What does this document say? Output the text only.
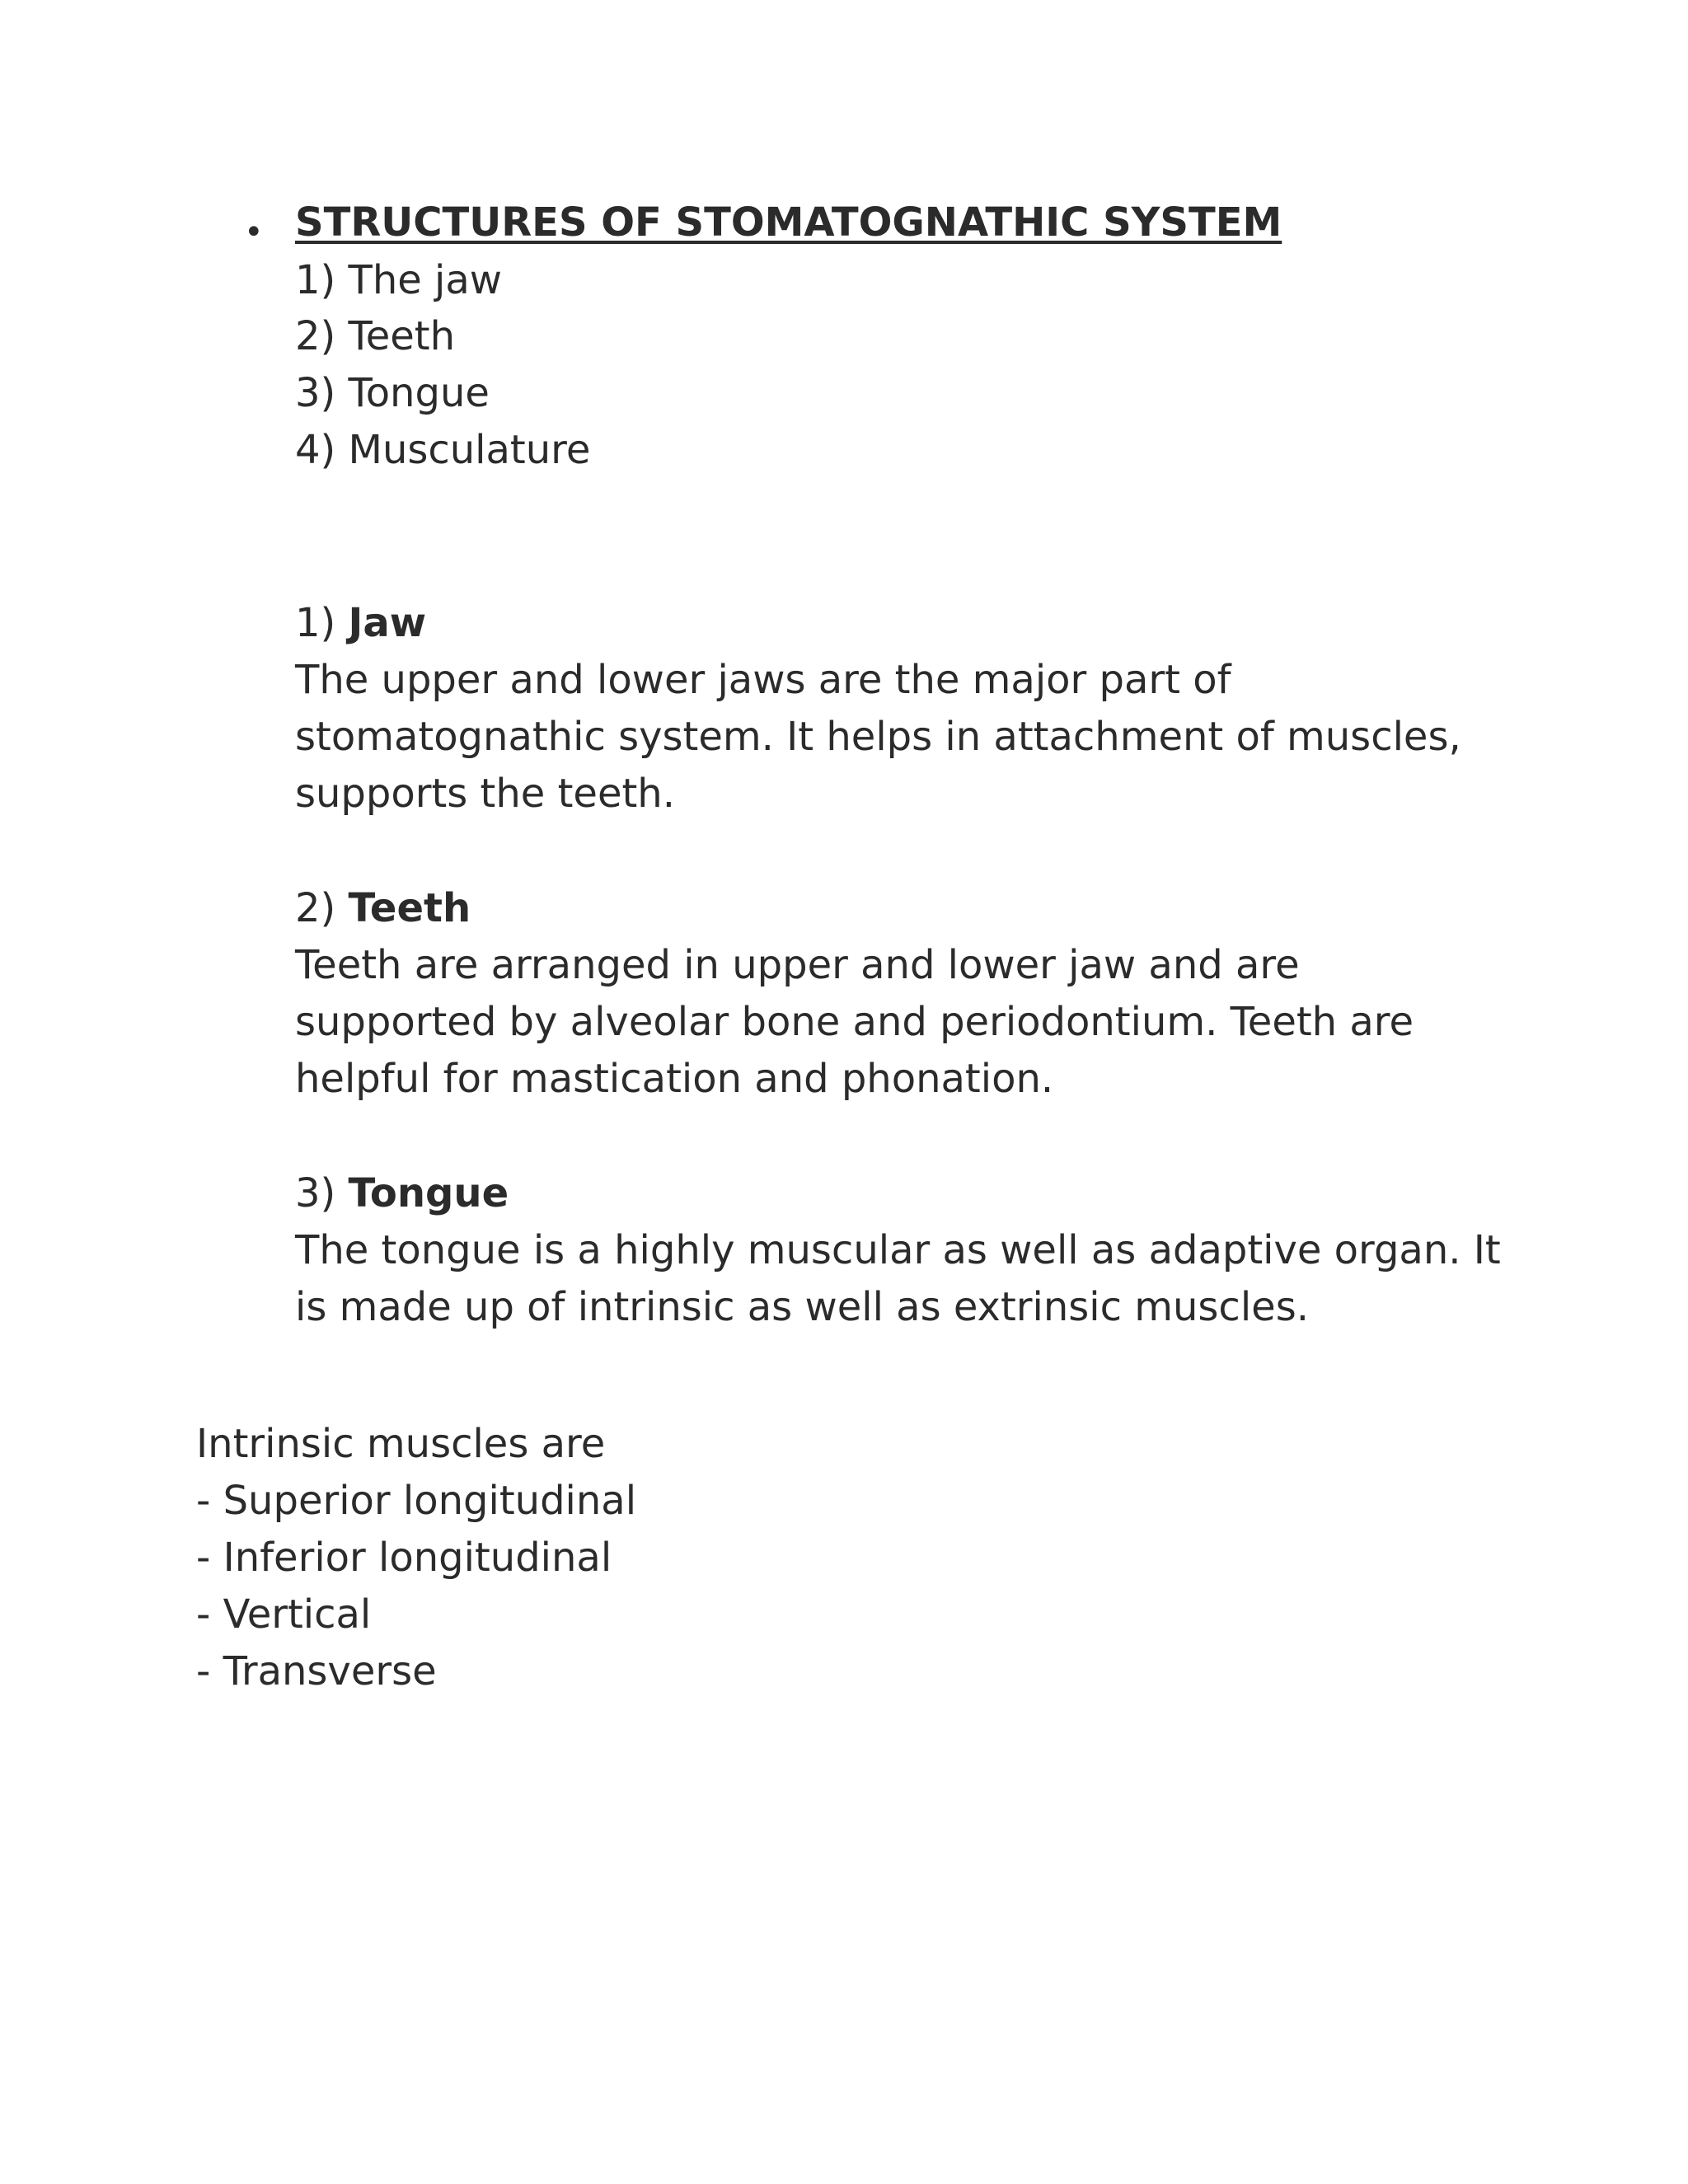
• STRUCTURES OF STOMATOGNATHIC SYSTEM
1) The jaw
2) Teeth
3) Tongue
4) Musculature
1) Jaw
The upper and lower jaws are the major part of
stomatognathic system. It helps in attachment of muscles,
supports the teeth.
2) Teeth
Teeth are arranged in upper and lower jaw and are
supported by alveolar bone and periodontium. Teeth are
helpful for mastication and phonation.
3) Tongue
The tongue is a highly muscular as well as adaptive organ. It
is made up of intrinsic as well as extrinsic muscles.
Intrinsic muscles are
- Superior longitudinal
- Inferior longitudinal
- Vertical
- Transverse
